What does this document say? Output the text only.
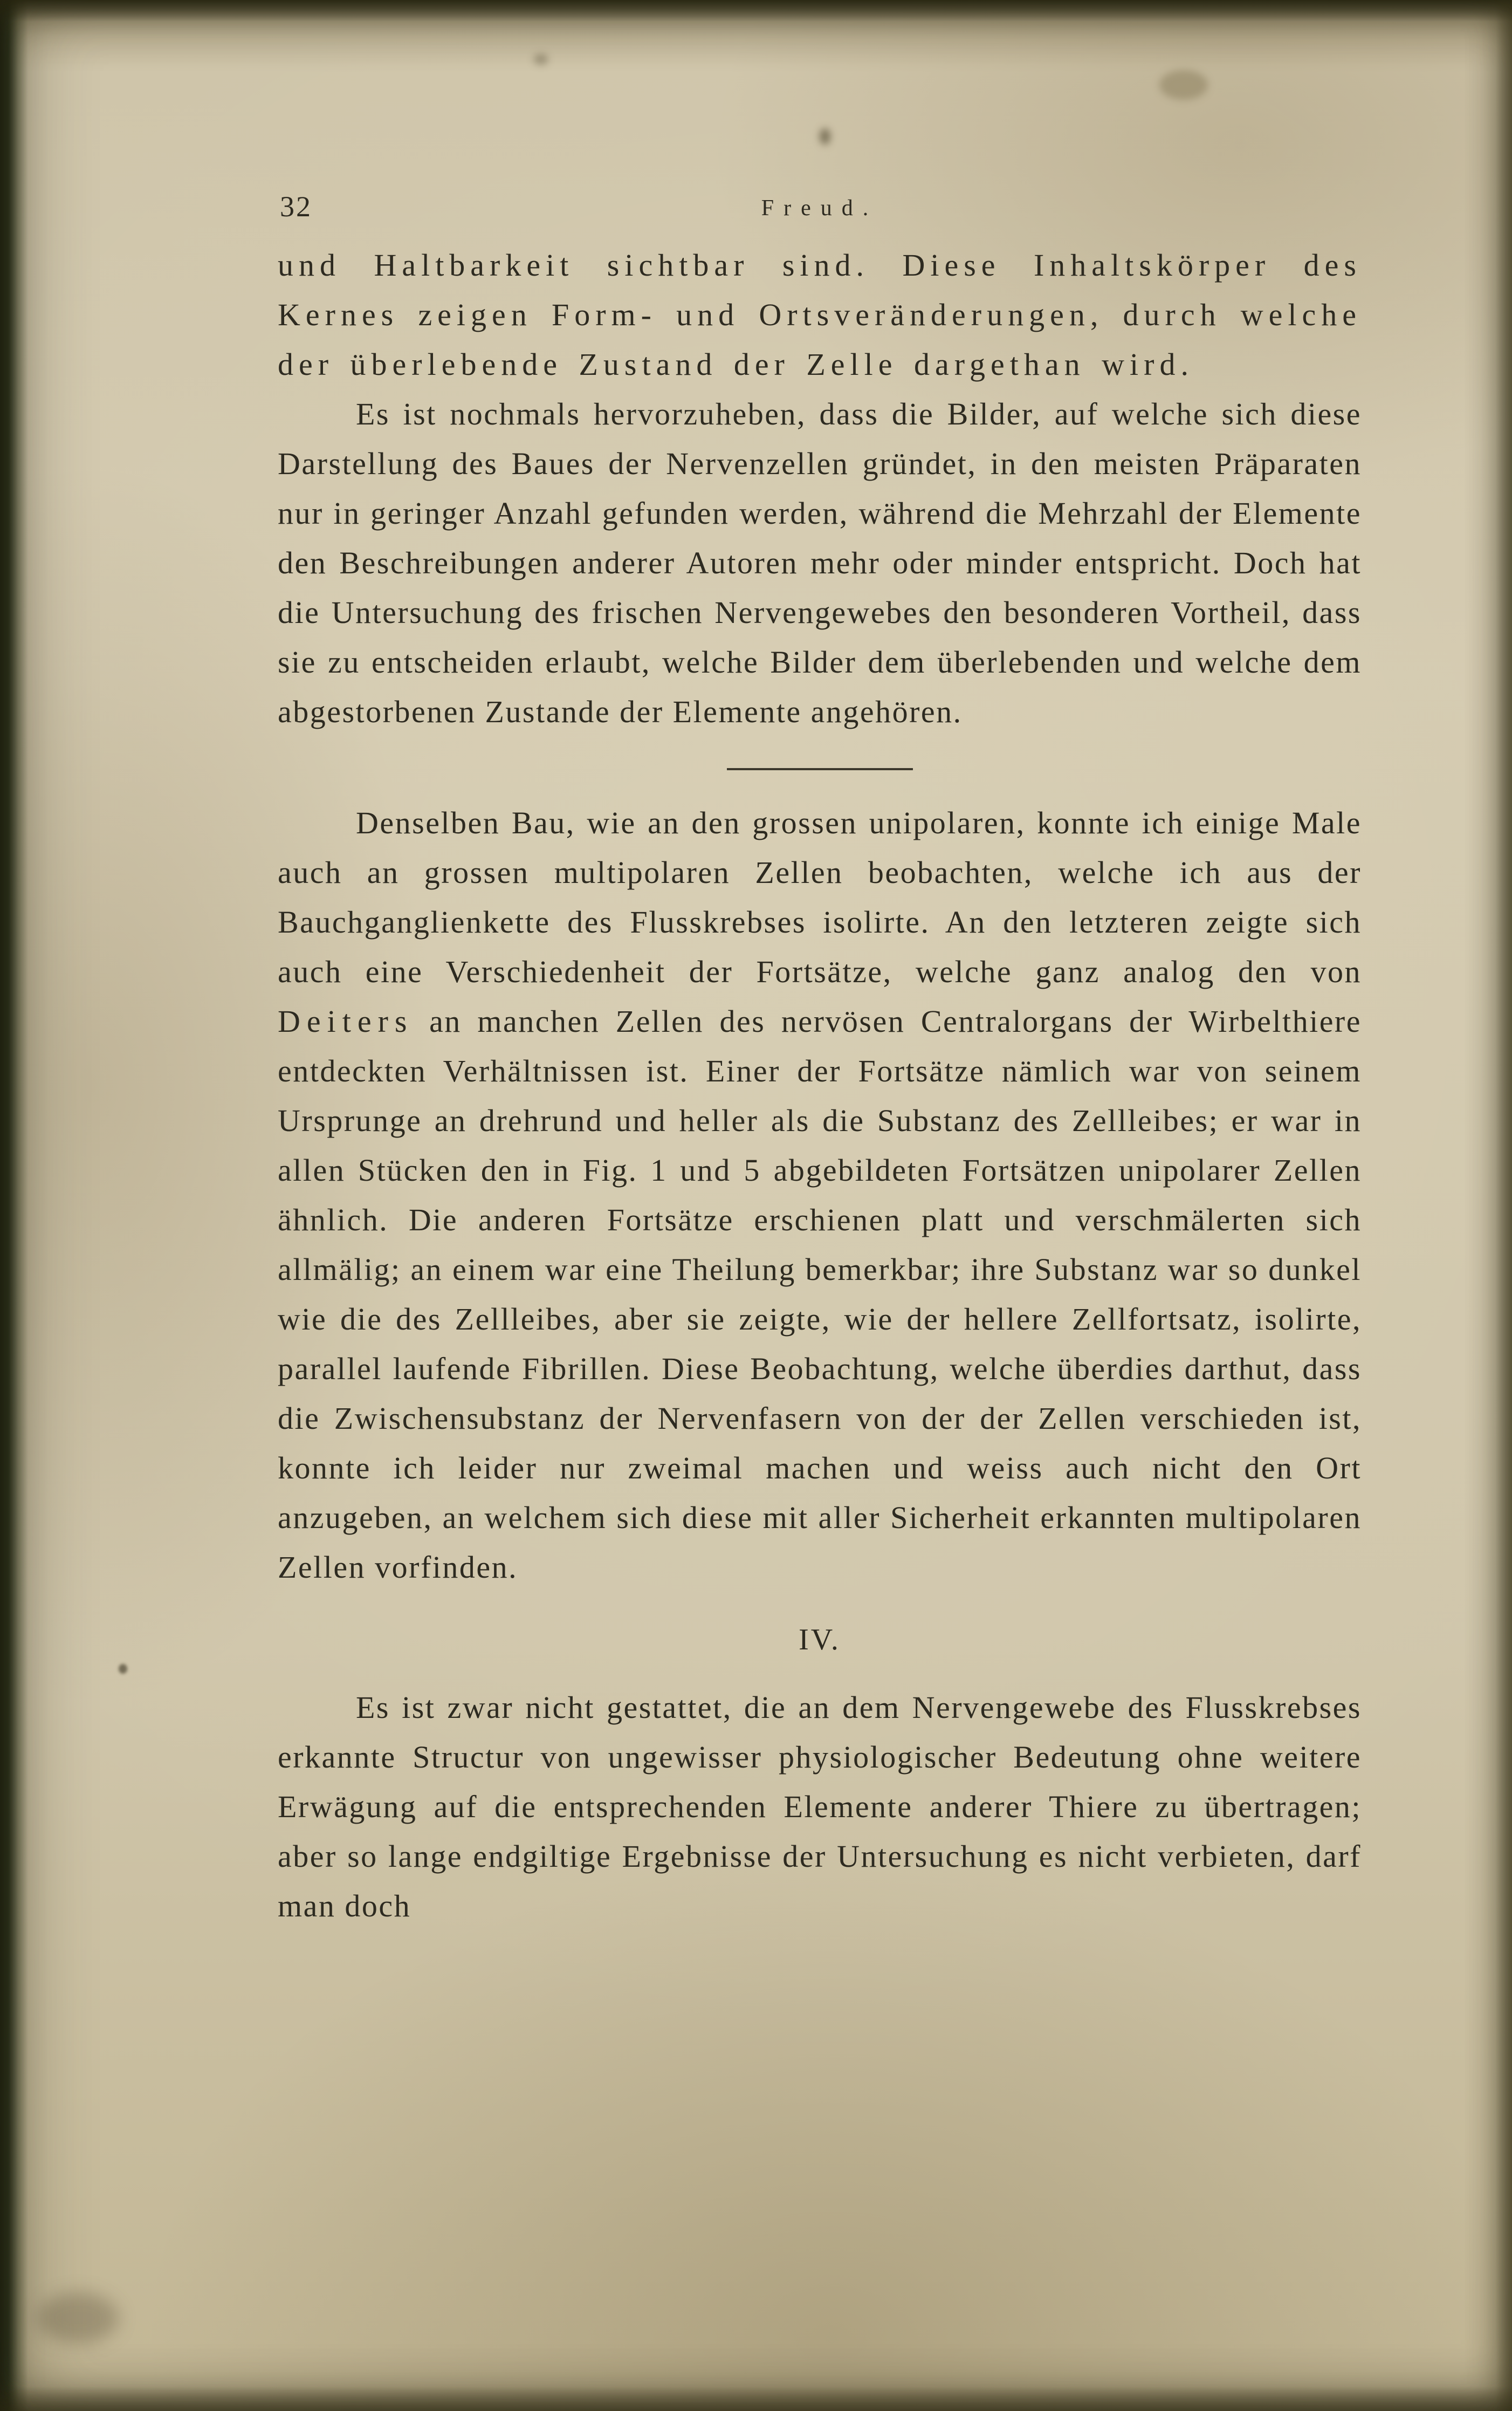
32	Freud.

und Haltbarkeit sichtbar sind. Diese Inhaltskörper des Kernes zeigen Form- und Ortsveränderungen, durch welche der überlebende Zustand der Zelle dargethan wird.

Es ist nochmals hervorzuheben, dass die Bilder, auf welche sich diese Darstellung des Baues der Nervenzellen gründet, in den meisten Präparaten nur in geringer Anzahl gefunden werden, während die Mehrzahl der Elemente den Beschreibungen anderer Autoren mehr oder minder entspricht. Doch hat die Untersuchung des frischen Nervengewebes den besonderen Vortheil, dass sie zu entscheiden erlaubt, welche Bilder dem überlebenden und welche dem abgestorbenen Zustande der Elemente angehören.

Denselben Bau, wie an den grossen unipolaren, konnte ich einige Male auch an grossen multipolaren Zellen beobachten, welche ich aus der Bauchganglienkette des Flusskrebses isolirte. An den letzteren zeigte sich auch eine Verschiedenheit der Fortsätze, welche ganz analog den von Deiters an manchen Zellen des nervösen Centralorgans der Wirbelthiere entdeckten Verhältnissen ist. Einer der Fortsätze nämlich war von seinem Ursprunge an drehrund und heller als die Substanz des Zellleibes; er war in allen Stücken den in Fig. 1 und 5 abgebildeten Fortsätzen unipolarer Zellen ähnlich. Die anderen Fortsätze erschienen platt und verschmälerten sich allmälig; an einem war eine Theilung bemerkbar; ihre Substanz war so dunkel wie die des Zellleibes, aber sie zeigte, wie der hellere Zellfortsatz, isolirte, parallel laufende Fibrillen. Diese Beobachtung, welche überdies darthut, dass die Zwischensubstanz der Nervenfasern von der der Zellen verschieden ist, konnte ich leider nur zweimal machen und weiss auch nicht den Ort anzugeben, an welchem sich diese mit aller Sicherheit erkannten multipolaren Zellen vorfinden.

IV.

Es ist zwar nicht gestattet, die an dem Nervengewebe des Flusskrebses erkannte Structur von ungewisser physiologischer Bedeutung ohne weitere Erwägung auf die entsprechenden Elemente anderer Thiere zu übertragen; aber so lange endgiltige Ergebnisse der Untersuchung es nicht verbieten, darf man doch
